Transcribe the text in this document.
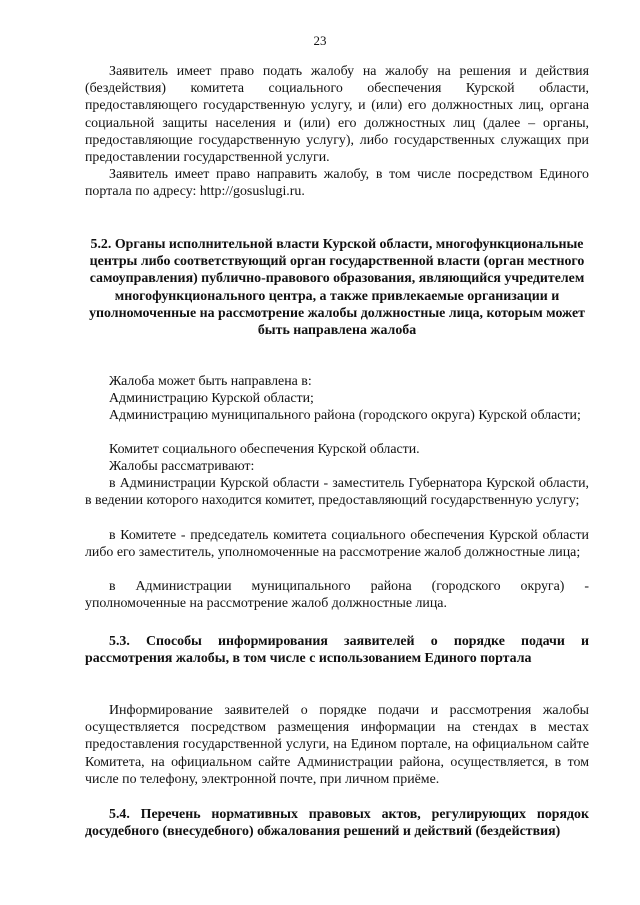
23

Заявитель имеет право подать жалобу на жалобу на решения и действия (бездействия) комитета социального обеспечения Курской области, предоставляющего государственную услугу, и (или) его должностных лиц, органа социальной защиты населения и (или) его должностных лиц (далее – органы, предоставляющие государственную услугу), либо государственных служащих при предоставлении государственной услуги.

Заявитель имеет право направить жалобу, в том числе посредством Единого портала по адресу: http://gosuslugi.ru.

5.2. Органы исполнительной власти Курской области, многофункциональные центры либо соответствующий орган государственной власти (орган местного самоуправления) публично-правового образования, являющийся учредителем многофункционального центра, а также привлекаемые организации и уполномоченные на рассмотрение жалобы должностные лица, которым может быть направлена жалоба

Жалоба может быть направлена в:

Администрацию Курской области;

Администрацию муниципального района (городского округа) Курской области;

Комитет социального обеспечения Курской области.

Жалобы рассматривают:

в Администрации Курской области - заместитель Губернатора Курской области, в ведении которого находится комитет, предоставляющий государственную услугу;

в Комитете - председатель комитета социального обеспечения Курской области либо его заместитель, уполномоченные на рассмотрение жалоб должностные лица;

в Администрации муниципального района (городского округа) - уполномоченные на рассмотрение жалоб должностные лица.

5.3. Способы информирования заявителей о порядке подачи и рассмотрения жалобы, в том числе с использованием Единого портала

Информирование заявителей о порядке подачи и рассмотрения жалобы осуществляется посредством размещения информации на стендах в местах предоставления государственной услуги, на Едином портале, на официальном сайте Комитета, на официальном сайте Администрации района, осуществляется, в том числе по телефону, электронной почте, при личном приёме.

5.4. Перечень нормативных правовых актов, регулирующих порядок досудебного (внесудебного) обжалования решений и действий (бездействия)
